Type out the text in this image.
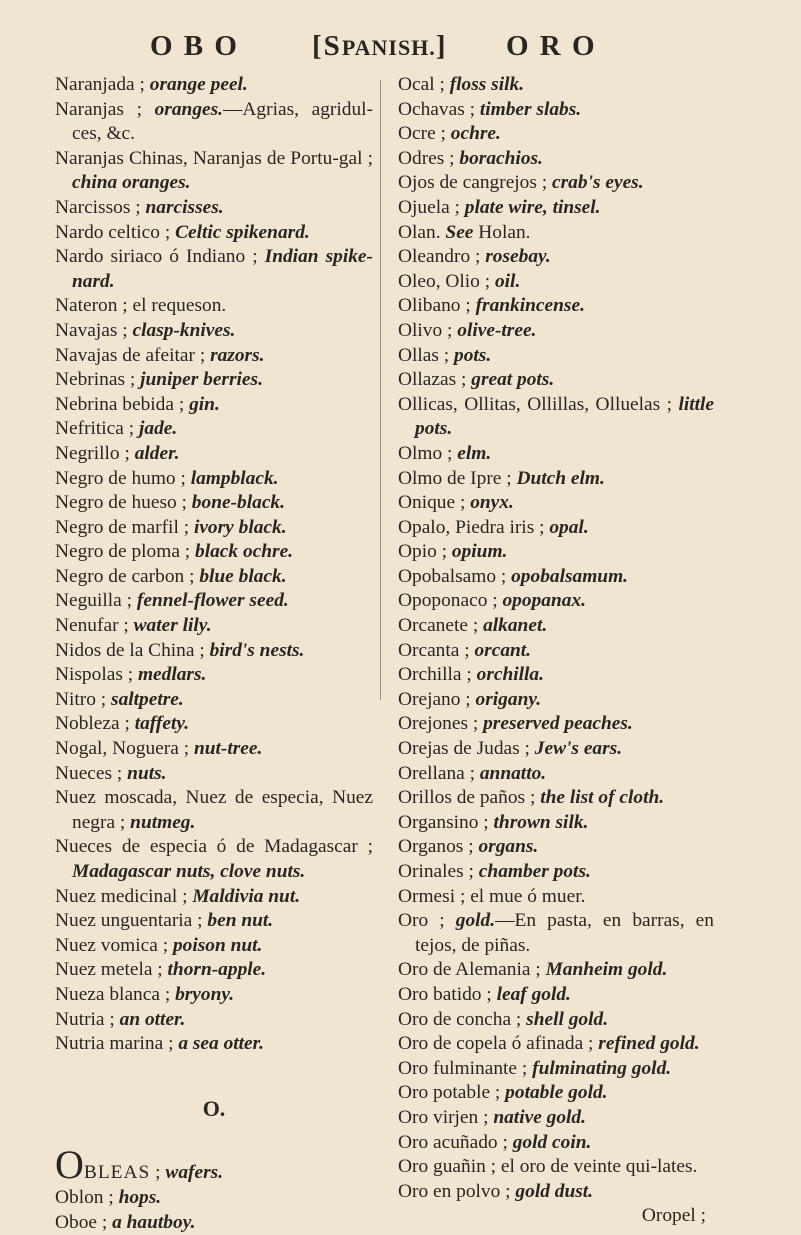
O B O	[SPANISH.] O R O
Naranjada ; orange peel.
Naranjas ; oranges.—Agrias, agridul-ces, &c.
Naranjas Chinas, Naranjas de Portu-gal ; china oranges.
Narcissos ; narcisses.
Nardo celtico ; Celtic spikenard.
Nardo siriaco ó Indiano ; Indian spike-nard.
Nateron ; el requeson.
Navajas ; clasp-knives.
Navajas de afeitar ; razors.
Nebrinas ; juniper berries.
Nebrina bebida ; gin.
Nefritica ; jade.
Negrillo ; alder.
Negro de humo ; lampblack.
Negro de hueso ; bone-black.
Negro de marfil ; ivory black.
Negro de ploma ; black ochre.
Negro de carbon ; blue black.
Neguilla ; fennel-flower seed.
Nenufar ; water lily.
Nidos de la China ; bird's nests.
Nispolas ; medlars.
Nitro ; saltpetre.
Nobleza ; taffety.
Nogal, Noguera ; nut-tree.
Nueces ; nuts.
Nuez moscada, Nuez de especia, Nuez negra ; nutmeg.
Nueces de especia ó de Madagascar ; Madagascar nuts, clove nuts.
Nuez medicinal ; Maldivia nut.
Nuez unguentaria ; ben nut.
Nuez vomica ; poison nut.
Nuez metela ; thorn-apple.
Nueza blanca ; bryony.
Nutria ; an otter.
Nutria marina ; a sea otter.
O.
OBLEAS ; wafers.
Oblon ; hops.
Oboe ; a hautboy.
Ocal ; floss silk.
Ochavas ; timber slabs.
Ocre ; ochre.
Odres ; borachios.
Ojos de cangrejos ; crab's eyes.
Ojuela ; plate wire, tinsel.
Olan. See Holan.
Oleandro ; rosebay.
Oleo, Olio ; oil.
Olibano ; frankincense.
Olivo ; olive-tree.
Ollas ; pots.
Ollazas ; great pots.
Ollicas, Ollitas, Ollillas, Olluelas ; little pots.
Olmo ; elm.
Olmo de Ipre ; Dutch elm.
Onique ; onyx.
Opalo, Piedra iris ; opal.
Opio ; opium.
Opobalsamo ; opobalsamum.
Opoponaco ; opopanax.
Orcanete ; alkanet.
Orcanta ; orcant.
Orchilla ; orchilla.
Orejano ; origany.
Orejones ; preserved peaches.
Orejas de Judas ; Jew's ears.
Orellana ; annatto.
Orillos de paños ; the list of cloth.
Organsino ; thrown silk.
Organos ; organs.
Orinales ; chamber pots.
Ormesi ; el mue ó muer.
Oro ; gold.—En pasta, en barras, en tejos, de piñas.
Oro de Alemania ; Manheim gold.
Oro batido ; leaf gold.
Oro de concha ; shell gold.
Oro de copela ó afinada ; refined gold.
Oro fulminante ; fulminating gold.
Oro potable ; potable gold.
Oro virjen ; native gold.
Oro acuñado ; gold coin.
Oro guañin ; el oro de veinte qui-lates.
Oro en polvo ; gold dust.
Oropel ;
